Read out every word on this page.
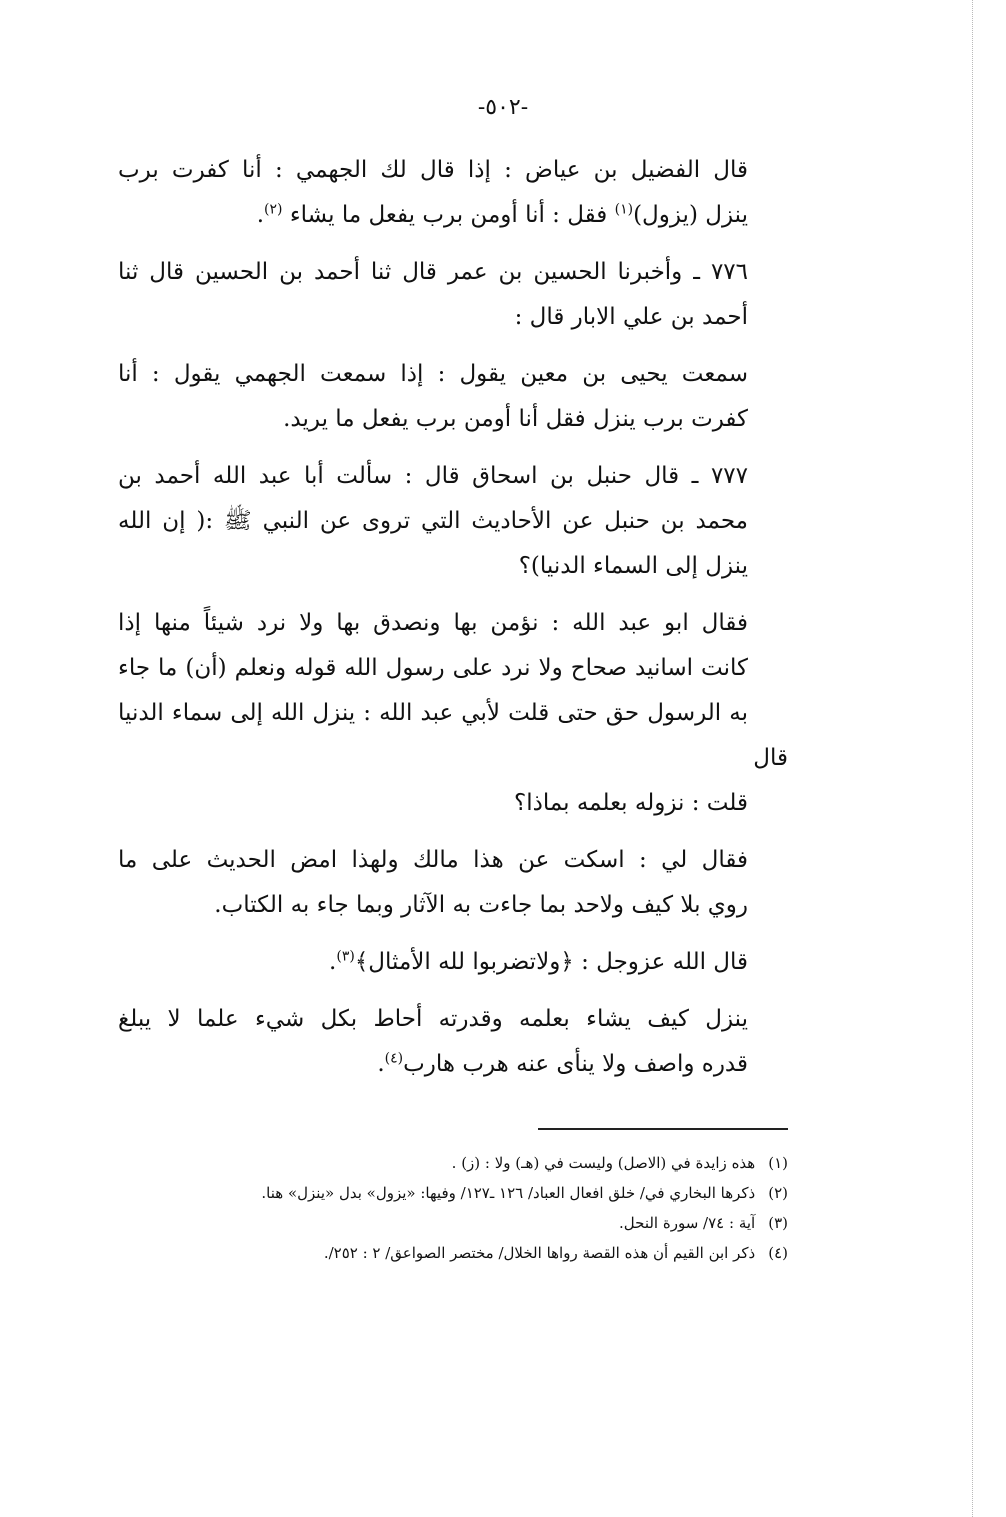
-٥٠٢-

قال الفضيل بن عياض : إذا قال لك الجهمي : أنا كفرت برب
ينزل (يزول)$^{(١)}$ فقل : أنا أومن برب يفعل ما يشاء $^{(٢)}$.

٧٧٦ ـ وأخبرنا الحسين بن عمر قال ثنا أحمد بن الحسين قال ثنا
أحمد بن علي الابار قال :

سمعت يحيى بن معين يقول : إذا سمعت الجهمي يقول : أنا
كفرت برب ينزل فقل أنا أومن برب يفعل ما يريد.

٧٧٧ ـ قال حنبل بن اسحاق قال : سألت أبا عبد الله أحمد بن
محمد بن حنبل عن الأحاديث التي تروى عن النبي ﷺ :( إن الله
ينزل إلى السماء الدنيا)؟

فقال ابو عبد الله : نؤمن بها ونصدق بها ولا نرد شيئاً منها إذا
كانت اسانيد صحاح ولا نرد على رسول الله قوله ونعلم (أن) ما جاء
به الرسول حق حتى قلت لأبي عبد الله : ينزل الله إلى سماء الدنيا قال
قلت : نزوله بعلمه بماذا؟

فقال لي : اسكت عن هذا مالك ولهذا امض الحديث على ما
روي بلا كيف ولاحد بما جاءت به الآثار وبما جاء به الكتاب.

قال الله عزوجل : ﴿ولاتضربوا لله الأمثال﴾$^{(٣)}$.

ينزل كيف يشاء بعلمه وقدرته أحاط بكل شيء علما لا يبلغ
قدره واصف ولا ينأى عنه هرب هارب$^{(٤)}$.

(١) هذه زايدة في (الاصل) وليست في (هـ) ولا : (ز) .
(٢) ذكرها البخاري في/ خلق افعال العباد/ ١٢٦ ـ١٢٧/ وفيها: «يزول» بدل «ينزل» هنا.
(٣) آية : ٧٤/ سورة النحل.
(٤) ذكر ابن القيم أن هذه القصة رواها الخلال/ مختصر الصواعق/ ٢ : ٢٥٢/.
